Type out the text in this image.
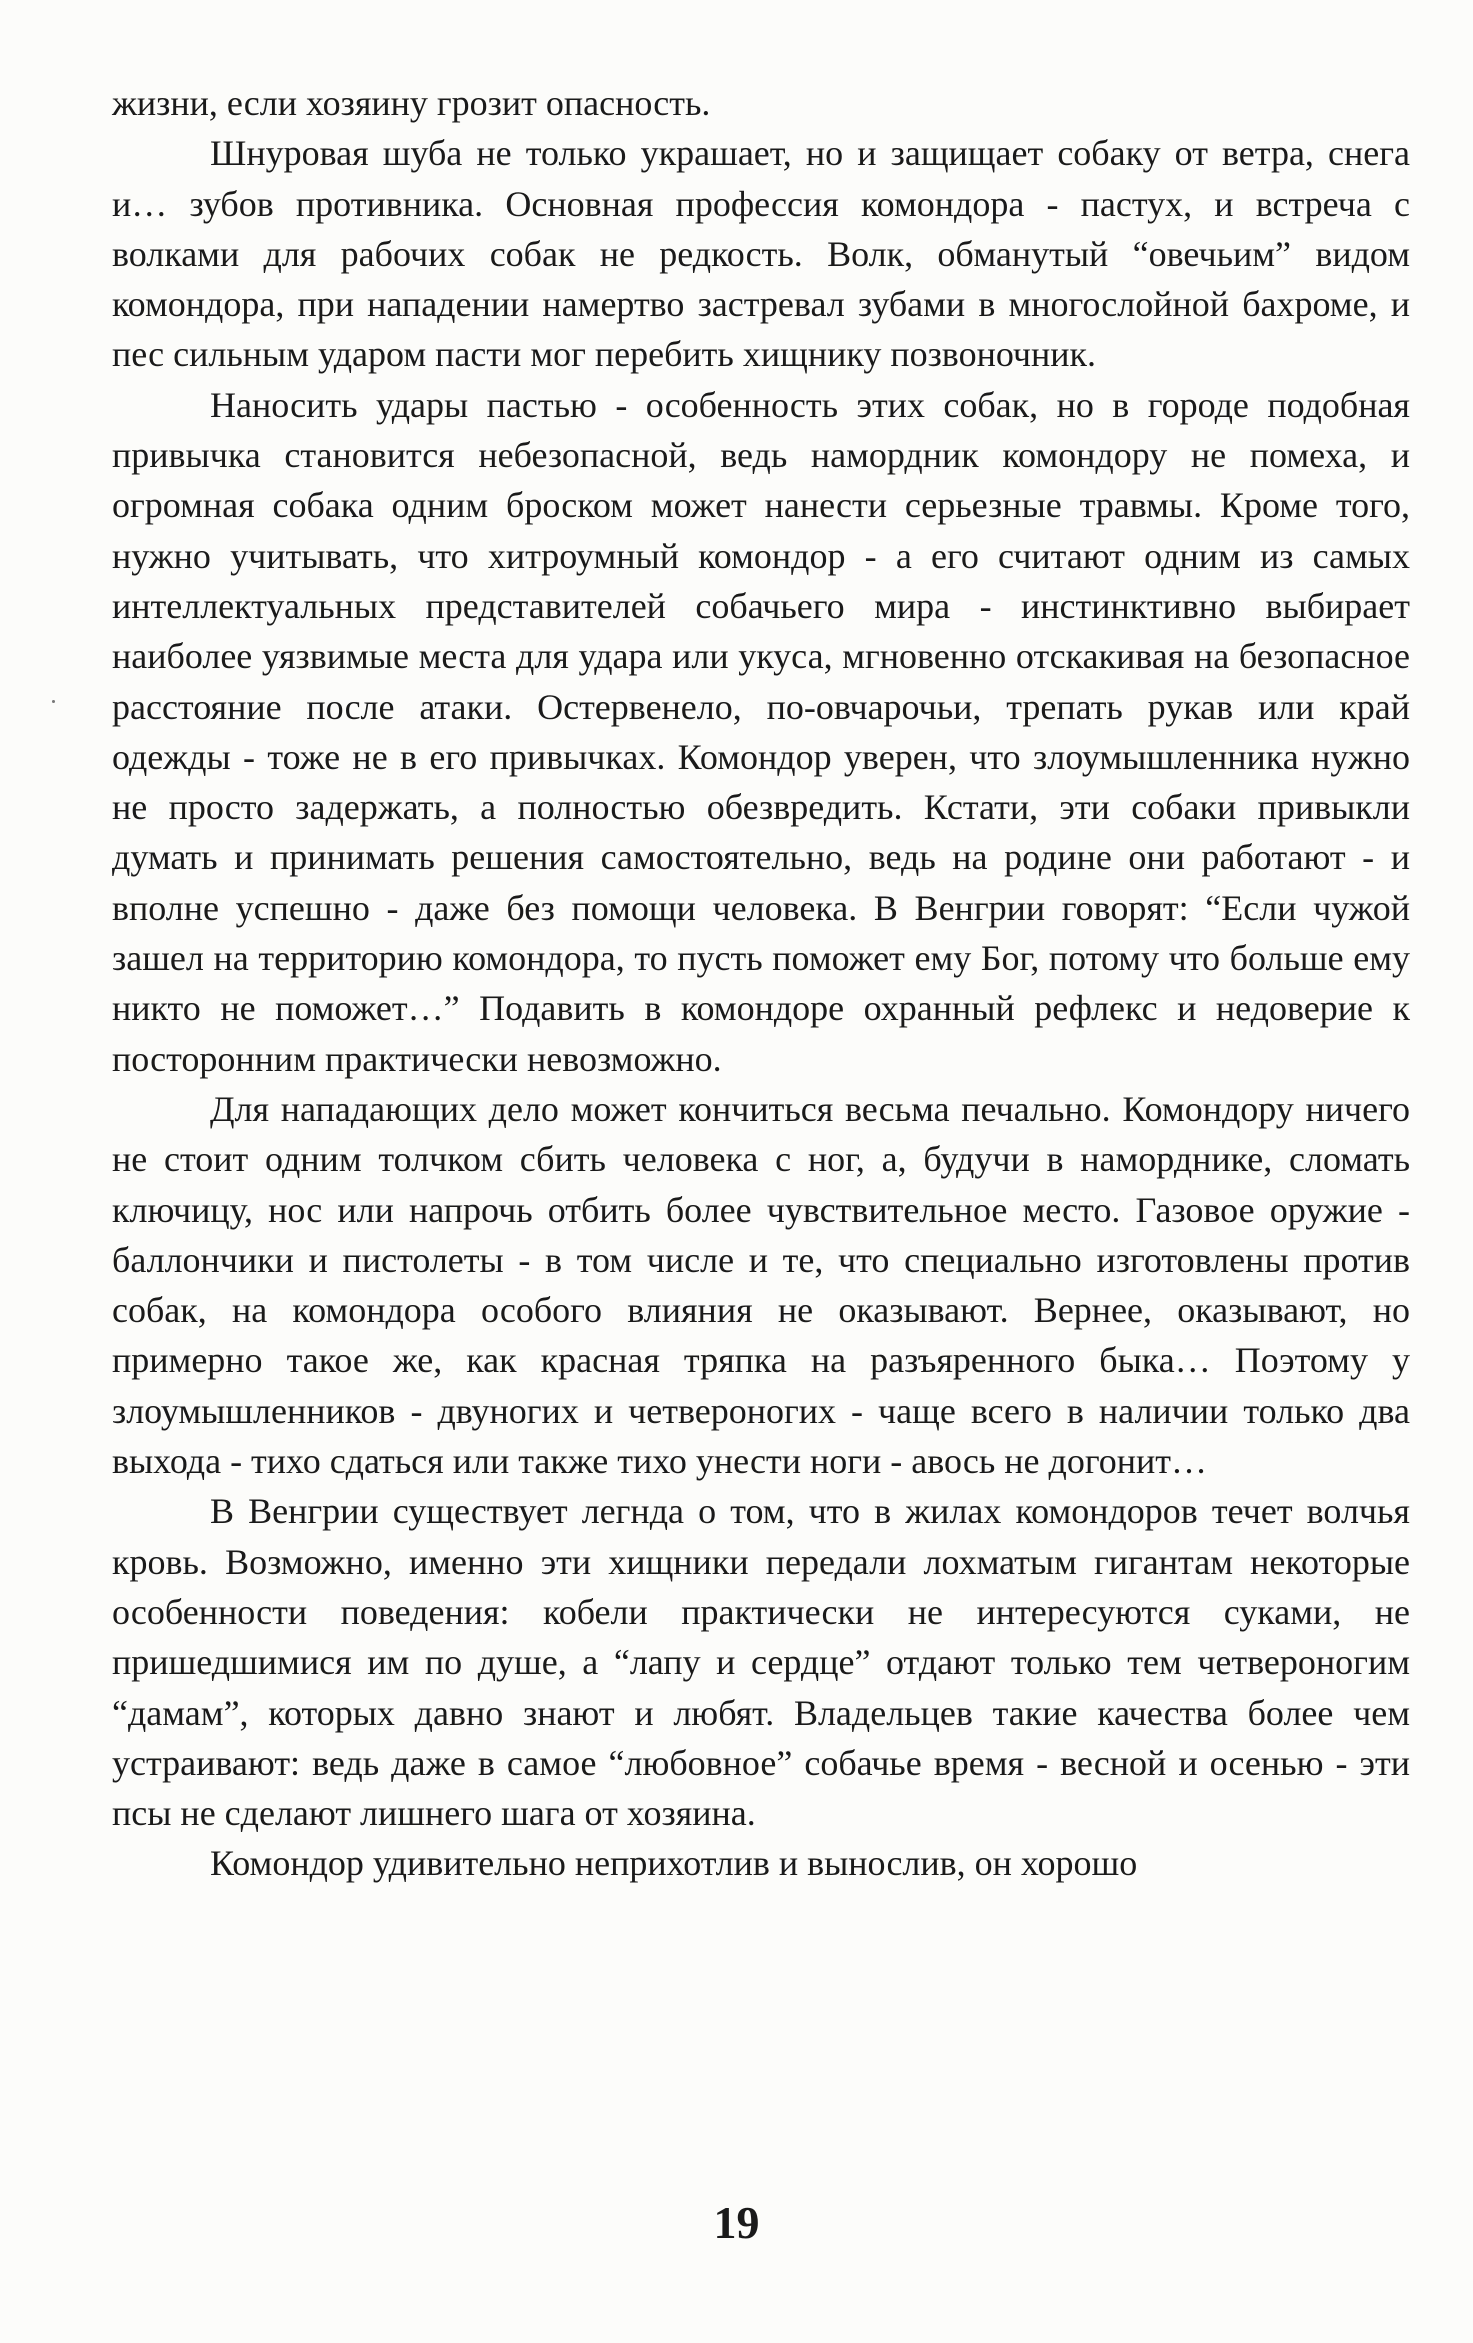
жизни, если хозяину грозит опасность.

Шнуровая шуба не только украшает, но и защищает собаку от ветра, снега и… зубов противника. Основная профессия комондора - пастух, и встреча с волками для рабочих собак не редкость. Волк, обманутый “овечьим” видом комондора, при нападении намертво застревал зубами в многослойной бахроме, и пес сильным ударом пасти мог перебить хищнику позвоночник.

Наносить удары пастью - особенность этих собак, но в городе подобная привычка становится небезопасной, ведь намордник комондору не помеха, и огромная собака одним броском может нанести серьезные травмы. Кроме того, нужно учитывать, что хитроумный комондор - а его считают одним из самых интеллектуальных представителей собачьего мира - инстинктивно выбирает наиболее уязвимые места для удара или укуса, мгновенно отскакивая на безопасное расстояние после атаки. Остервенело, по-овчарочьи, трепать рукав или край одежды - тоже не в его привычках. Комондор уверен, что злоумышленника нужно не просто задержать, а полностью обезвредить. Кстати, эти собаки привыкли думать и принимать решения самостоятельно, ведь на родине они работают - и вполне успешно - даже без помощи человека. В Венгрии говорят: “Если чужой зашел на территорию комондора, то пусть поможет ему Бог, потому что больше ему никто не поможет…” Подавить в комондоре охранный рефлекс и недоверие к посторонним практически невозможно.

Для нападающих дело может кончиться весьма печально. Комондору ничего не стоит одним толчком сбить человека с ног, а, будучи в наморднике, сломать ключицу, нос или напрочь отбить более чувствительное место. Газовое оружие - баллончики и пистолеты - в том числе и те, что специально изготовлены против собак, на комондора особого влияния не оказывают. Вернее, оказывают, но примерно такое же, как красная тряпка на разъяренного быка… Поэтому у злоумышленников - двуногих и четвероногих - чаще всего в наличии только два выхода - тихо сдаться или также тихо унести ноги - авось не догонит…

В Венгрии существует легнда о том, что в жилах комондоров течет волчья кровь. Возможно, именно эти хищники передали лохматым гигантам некоторые особенности поведения: кобели практически не интересуются суками, не пришедшимися им по душе, а “лапу и сердце” отдают только тем четвероногим “дамам”, которых давно знают и любят. Владельцев такие качества более чем устраивают: ведь даже в самое “любовное” собачье время - весной и осенью - эти псы не сделают лишнего шага от хозяина.

Комондор удивительно неприхотлив и вынослив, он хорошо

19
